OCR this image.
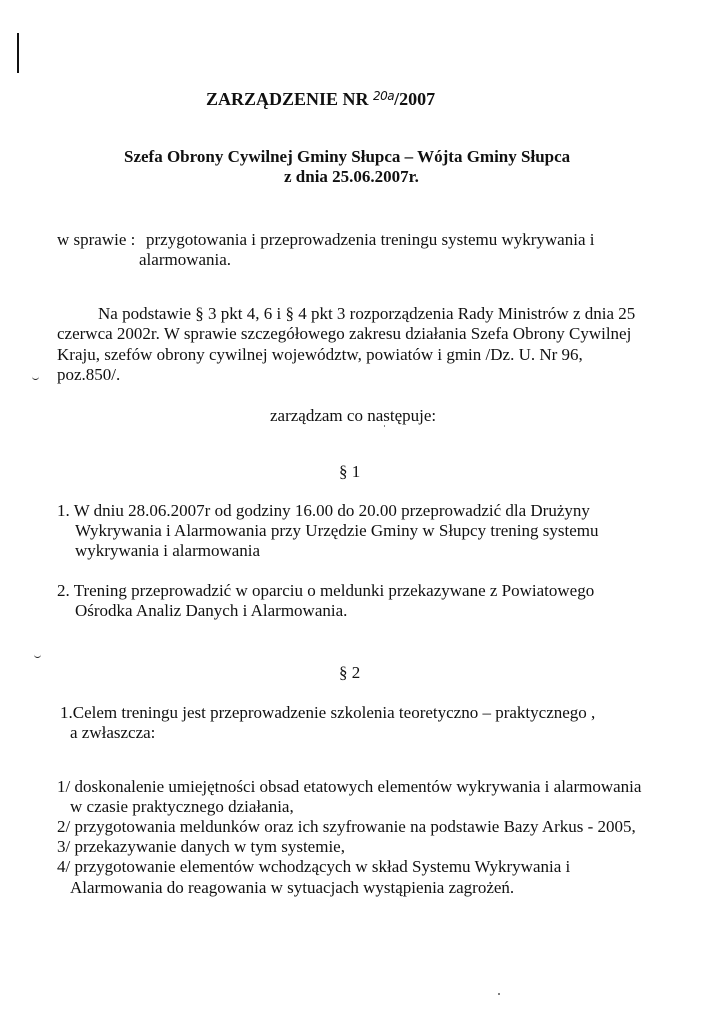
ZARZĄDZENIE NR $^{20a}$/2007
Szefa Obrony Cywilnej Gminy Słupca – Wójta Gminy Słupca
z dnia 25.06.2007r.
w sprawie : przygotowania i przeprowadzenia treningu systemu wykrywania i
alarmowania.
Na podstawie § 3 pkt 4, 6 i § 4 pkt 3 rozporządzenia Rady Ministrów z dnia 25
czerwca 2002r. W sprawie szczegółowego zakresu działania Szefa Obrony Cywilnej
Kraju, szefów obrony cywilnej województw, powiatów i gmin /Dz. U. Nr 96,
poz.850/.
zarządzam co następuje:
§ 1
1. W dniu 28.06.2007r od godziny 16.00 do 20.00 przeprowadzić dla Drużyny
Wykrywania i Alarmowania przy Urzędzie Gminy w Słupcy trening systemu
wykrywania i alarmowania
2. Trening przeprowadzić w oparciu o meldunki przekazywane z Powiatowego
Ośrodka Analiz Danych i Alarmowania.
§ 2
1.Celem treningu jest przeprowadzenie szkolenia teoretyczno – praktycznego ,
a zwłaszcza:
1/ doskonalenie umiejętności obsad etatowych elementów wykrywania i alarmowania
w czasie praktycznego działania,
2/ przygotowania meldunków oraz ich szyfrowanie na podstawie Bazy Arkus - 2005,
3/ przekazywanie danych w tym systemie,
4/ przygotowanie elementów wchodzących w skład Systemu Wykrywania i
Alarmowania do reagowania w sytuacjach wystąpienia zagrożeń.
